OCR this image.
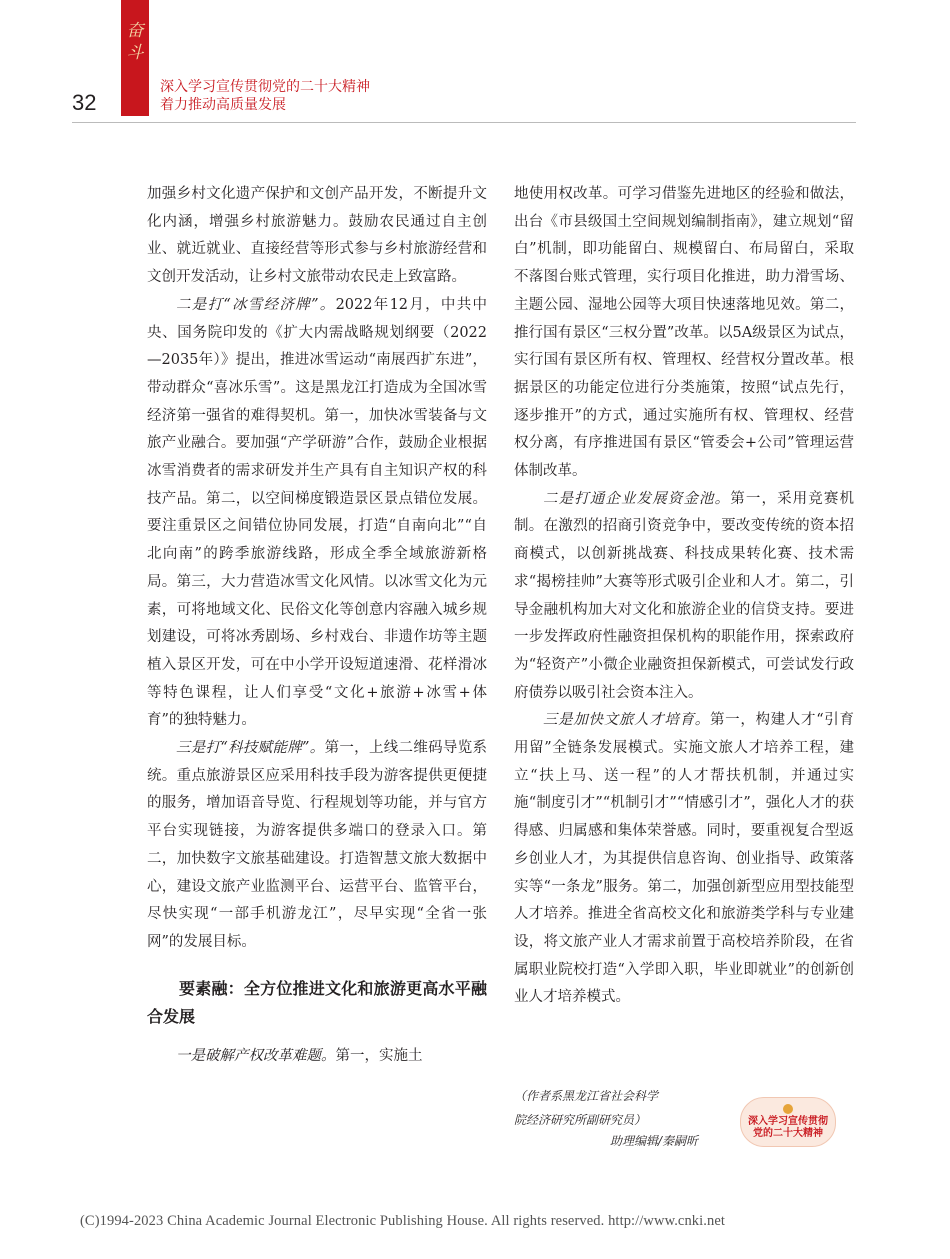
奋斗
32
深入学习宣传贯彻党的二十大精神
着力推动高质量发展

加强乡村文化遗产保护和文创产品开发，不断提升文化内涵，增强乡村旅游魅力。鼓励农民通过自主创业、就近就业、直接经营等形式参与乡村旅游经营和文创开发活动，让乡村文旅带动农民走上致富路。

二是打“冰雪经济牌”。2022年12月，中共中央、国务院印发的《扩大内需战略规划纲要（2022—2035年）》提出，推进冰雪运动“南展西扩东进”，带动群众“喜冰乐雪”。这是黑龙江打造成为全国冰雪经济第一强省的难得契机。第一，加快冰雪装备与文旅产业融合。要加强“产学研游”合作，鼓励企业根据冰雪消费者的需求研发并生产具有自主知识产权的科技产品。第二，以空间梯度锻造景区景点错位发展。要注重景区之间错位协同发展，打造“自南向北”“自北向南”的跨季旅游线路，形成全季全域旅游新格局。第三，大力营造冰雪文化风情。以冰雪文化为元素，可将地域文化、民俗文化等创意内容融入城乡规划建设，可将冰秀剧场、乡村戏台、非遗作坊等主题植入景区开发，可在中小学开设短道速滑、花样滑冰等特色课程，让人们享受“文化+旅游+冰雪+体育”的独特魅力。

三是打“科技赋能牌”。第一，上线二维码导览系统。重点旅游景区应采用科技手段为游客提供更便捷的服务，增加语音导览、行程规划等功能，并与官方平台实现链接，为游客提供多端口的登录入口。第二，加快数字文旅基础建设。打造智慧文旅大数据中心，建设文旅产业监测平台、运营平台、监管平台，尽快实现“一部手机游龙江”，尽早实现“全省一张网”的发展目标。

要素融：全方位推进文化和旅游更高水平融合发展

一是破解产权改革难题。第一，实施土

地使用权改革。可学习借鉴先进地区的经验和做法，出台《市县级国土空间规划编制指南》，建立规划“留白”机制，即功能留白、规模留白、布局留白，采取不落图台账式管理，实行项目化推进，助力滑雪场、主题公园、湿地公园等大项目快速落地见效。第二，推行国有景区“三权分置”改革。以5A级景区为试点，实行国有景区所有权、管理权、经营权分置改革。根据景区的功能定位进行分类施策，按照“试点先行，逐步推开”的方式，通过实施所有权、管理权、经营权分离，有序推进国有景区“管委会+公司”管理运营体制改革。

二是打通企业发展资金池。第一，采用竞赛机制。在激烈的招商引资竞争中，要改变传统的资本招商模式，以创新挑战赛、科技成果转化赛、技术需求“揭榜挂帅”大赛等形式吸引企业和人才。第二，引导金融机构加大对文化和旅游企业的信贷支持。要进一步发挥政府性融资担保机构的职能作用，探索政府为“轻资产”小微企业融资担保新模式，可尝试发行政府债券以吸引社会资本注入。

三是加快文旅人才培育。第一，构建人才“引育用留”全链条发展模式。实施文旅人才培养工程，建立“扶上马、送一程”的人才帮扶机制，并通过实施“制度引才”“机制引才”“情感引才”，强化人才的获得感、归属感和集体荣誉感。同时，要重视复合型返乡创业人才，为其提供信息咨询、创业指导、政策落实等“一条龙”服务。第二，加强创新型应用型技能型人才培养。推进全省高校文化和旅游类学科与专业建设，将文旅产业人才需求前置于高校培养阶段，在省属职业院校打造“入学即入职，毕业即就业”的创新创业人才培养模式。

（作者系黑龙江省社会科学

院经济研究所副研究员）

助理编辑/秦嗣昕
深入学习宣传贯彻
党的二十大精神
(C)1994-2023 China Academic Journal Electronic Publishing House. All rights reserved. http://www.cnki.net
